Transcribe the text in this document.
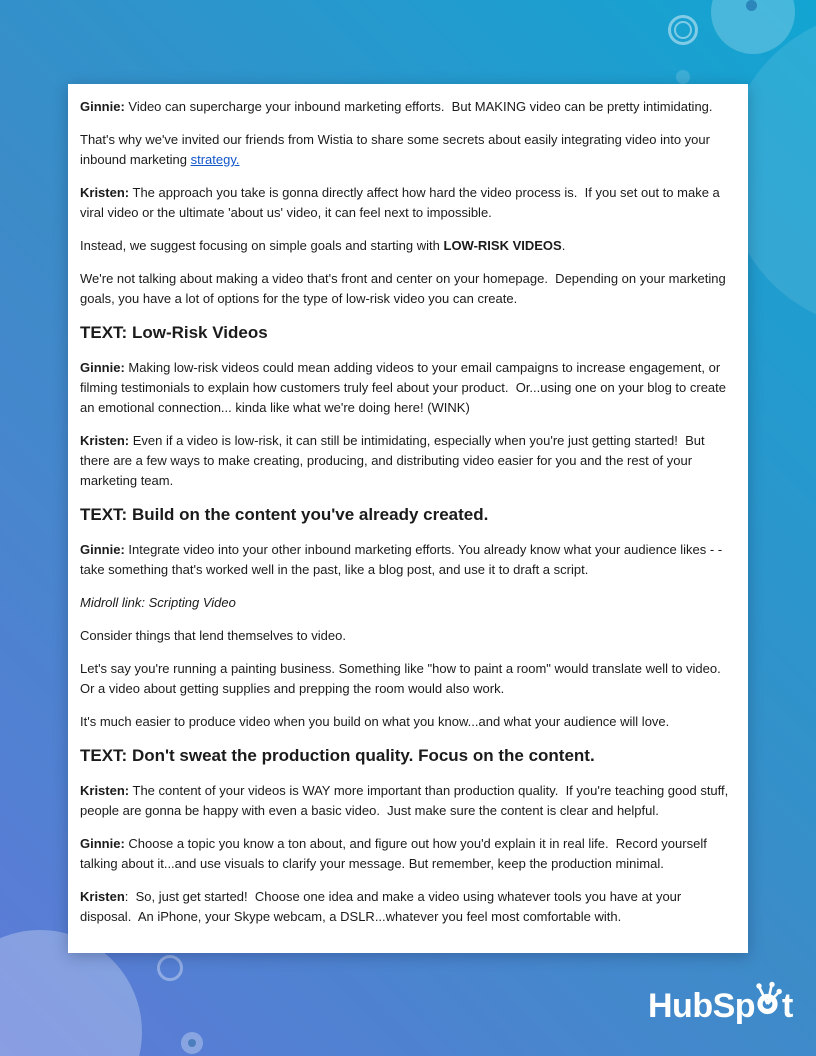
Ginnie: Video can supercharge your inbound marketing efforts.  But MAKING video can be pretty intimidating.

That's why we've invited our friends from Wistia to share some secrets about easily integrating video into your inbound marketing strategy.

Kristen: The approach you take is gonna directly affect how hard the video process is.  If you set out to make a viral video or the ultimate 'about us' video, it can feel next to impossible.

Instead, we suggest focusing on simple goals and starting with LOW-RISK VIDEOS.

We're not talking about making a video that's front and center on your homepage.  Depending on your marketing goals, you have a lot of options for the type of low-risk video you can create.

TEXT: Low-Risk Videos

Ginnie: Making low-risk videos could mean adding videos to your email campaigns to increase engagement, or filming testimonials to explain how customers truly feel about your product.  Or...using one on your blog to create an emotional connection... kinda like what we're doing here! (WINK)

Kristen: Even if a video is low-risk, it can still be intimidating, especially when you're just getting started!  But there are a few ways to make creating, producing, and distributing video easier for you and the rest of your marketing team.

TEXT: Build on the content you've already created.

Ginnie: Integrate video into your other inbound marketing efforts. You already know what your audience likes - - take something that's worked well in the past, like a blog post, and use it to draft a script.

Midroll link: Scripting Video

Consider things that lend themselves to video.

Let's say you're running a painting business. Something like "how to paint a room" would translate well to video.  Or a video about getting supplies and prepping the room would also work.

It's much easier to produce video when you build on what you know...and what your audience will love.

TEXT: Don't sweat the production quality. Focus on the content.

Kristen: The content of your videos is WAY more important than production quality.  If you're teaching good stuff, people are gonna be happy with even a basic video.  Just make sure the content is clear and helpful.

Ginnie: Choose a topic you know a ton about, and figure out how you'd explain it in real life.  Record yourself talking about it...and use visuals to clarify your message. But remember, keep the production minimal.

Kristen:  So, just get started!  Choose one idea and make a video using whatever tools you have at your disposal.  An iPhone, your Skype webcam, a DSLR...whatever you feel most comfortable with.

HubSp t
